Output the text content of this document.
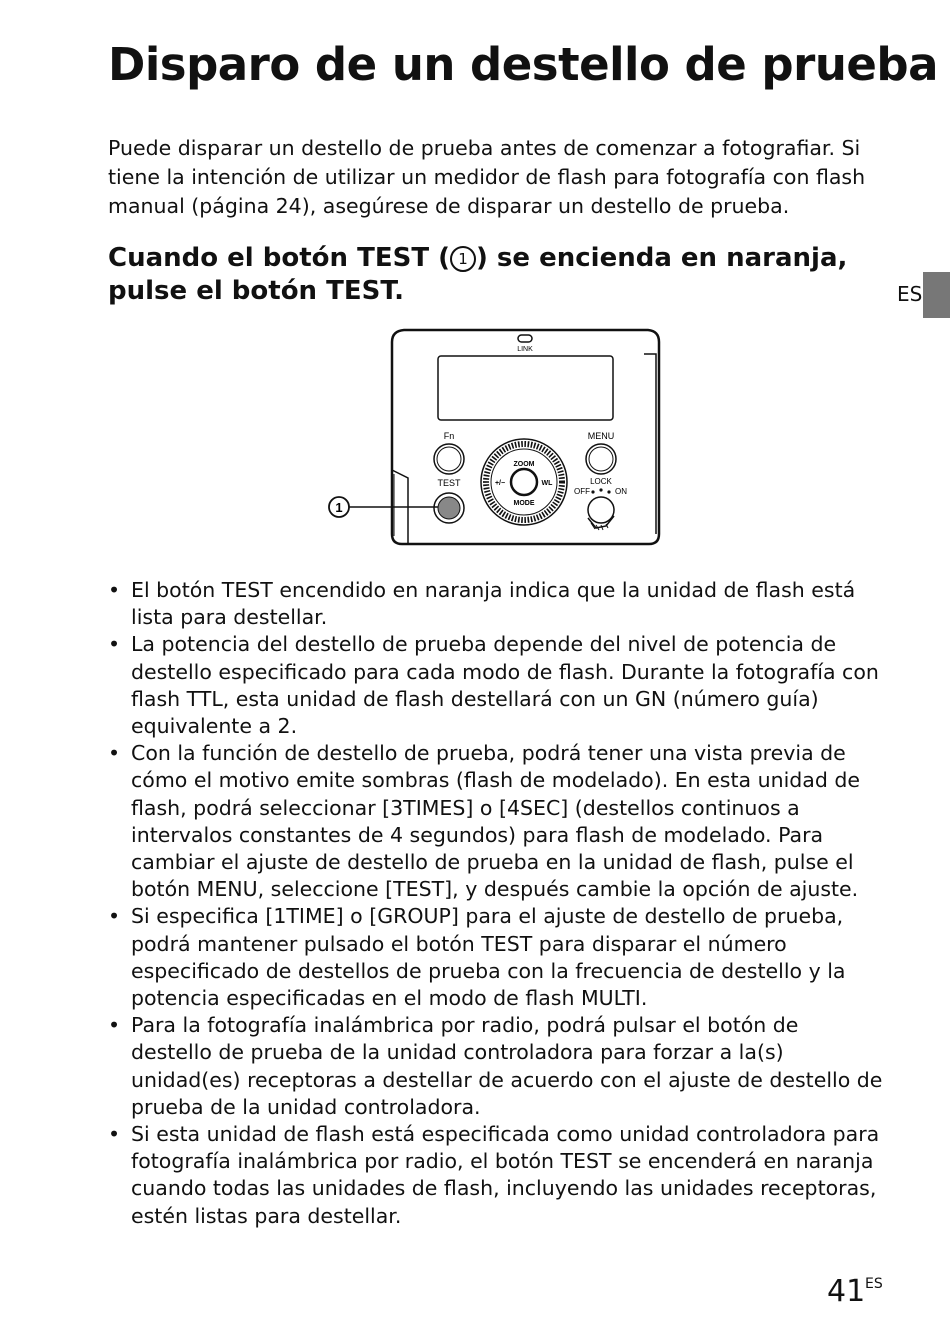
Disparo de un destello de prueba

Puede disparar un destello de prueba antes de comenzar a fotografiar. Si tiene la intención de utilizar un medidor de flash para fotografía con flash manual (página 24), asegúrese de disparar un destello de prueba.

Cuando el botón TEST ( 1 ) se encienda en naranja, pulse el botón TEST.	ES
LINK
Fn	MENU
TEST
ZOOM
MODE
+/−	WL	LOCK
OFF	ON
1
• El botón TEST encendido en naranja indica que la unidad de flash está lista para destellar.
• La potencia del destello de prueba depende del nivel de potencia de destello especificado para cada modo de flash. Durante la fotografía con flash TTL, esta unidad de flash destellará con un GN (número guía) equivalente a 2.
• Con la función de destello de prueba, podrá tener una vista previa de cómo el motivo emite sombras (flash de modelado). En esta unidad de flash, podrá seleccionar [3TIMES] o [4SEC] (destellos continuos a intervalos constantes de 4 segundos) para flash de modelado. Para cambiar el ajuste de destello de prueba en la unidad de flash, pulse el botón MENU, seleccione [TEST], y después cambie la opción de ajuste.
• Si especifica [1TIME] o [GROUP] para el ajuste de destello de prueba, podrá mantener pulsado el botón TEST para disparar el número especificado de destellos de prueba con la frecuencia de destello y la potencia especificadas en el modo de flash MULTI.
• Para la fotografía inalámbrica por radio, podrá pulsar el botón de destello de prueba de la unidad controladora para forzar a la(s) unidad(es) receptoras a destellar de acuerdo con el ajuste de destello de prueba de la unidad controladora.
• Si esta unidad de flash está especificada como unidad controladora para fotografía inalámbrica por radio, el botón TEST se encenderá en naranja cuando todas las unidades de flash, incluyendo las unidades receptoras, estén listas para destellar.
41 ES
